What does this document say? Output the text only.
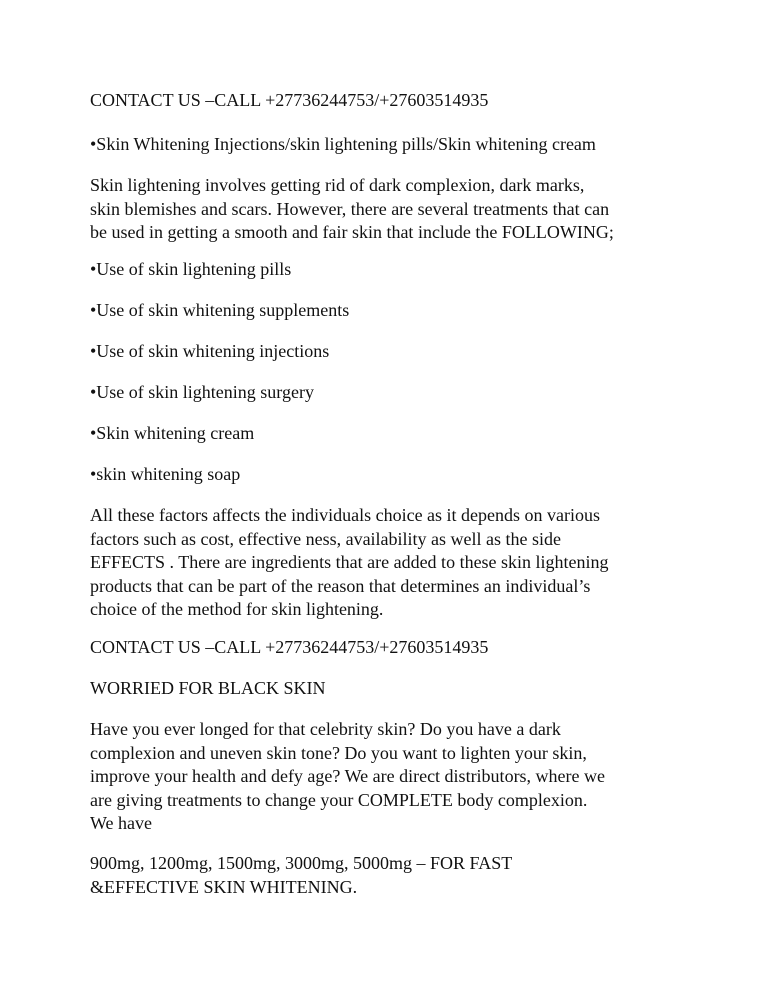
CONTACT US –CALL +27736244753/+27603514935
•Skin Whitening Injections/skin lightening pills/Skin whitening cream
Skin lightening involves getting rid of dark complexion, dark marks,
skin blemishes and scars. However, there are several treatments that can
be used in getting a smooth and fair skin that include the FOLLOWING;
•Use of skin lightening pills
•Use of skin whitening supplements
•Use of skin whitening injections
•Use of skin lightening surgery
•Skin whitening cream
•skin whitening soap
All these factors affects the individuals choice as it depends on various
factors such as cost, effective ness, availability as well as the side
EFFECTS . There are ingredients that are added to these skin lightening
products that can be part of the reason that determines an individual’s
choice of the method for skin lightening.
CONTACT US –CALL +27736244753/+27603514935
WORRIED FOR BLACK SKIN
Have you ever longed for that celebrity skin? Do you have a dark
complexion and uneven skin tone? Do you want to lighten your skin,
improve your health and defy age? We are direct distributors, where we
are giving treatments to change your COMPLETE body complexion.
We have
900mg, 1200mg, 1500mg, 3000mg, 5000mg – FOR FAST
&EFFECTIVE SKIN WHITENING.
